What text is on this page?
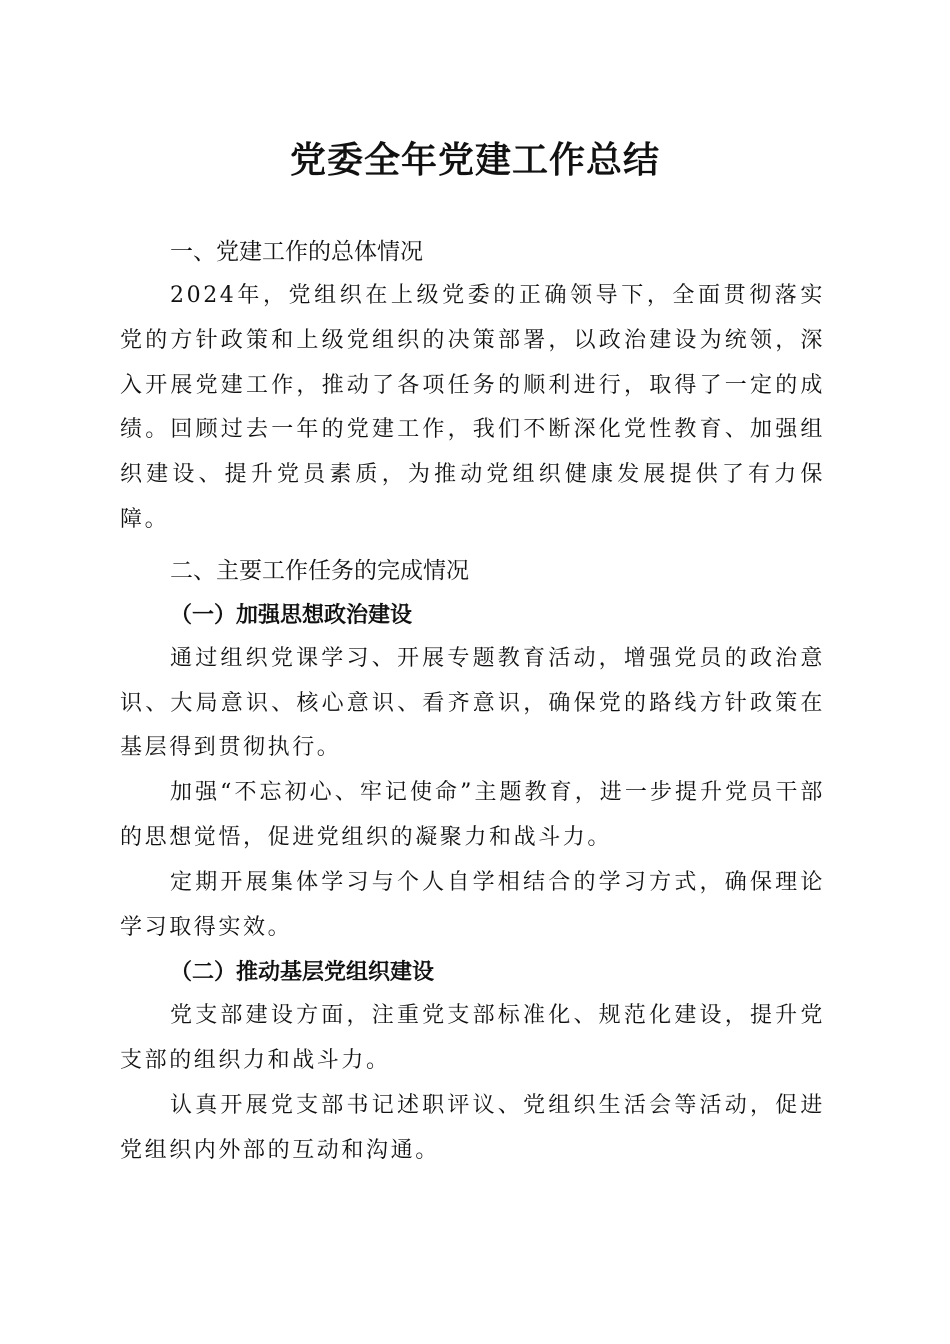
党委全年党建工作总结
一、党建工作的总体情况

2024年，党组织在上级党委的正确领导下，全面贯彻落实党的方针政策和上级党组织的决策部署，以政治建设为统领，深入开展党建工作，推动了各项任务的顺利进行，取得了一定的成绩。回顾过去一年的党建工作，我们不断深化党性教育、加强组织建设、提升党员素质，为推动党组织健康发展提供了有力保障。

二、主要工作任务的完成情况
（一）加强思想政治建设

通过组织党课学习、开展专题教育活动，增强党员的政治意识、大局意识、核心意识、看齐意识，确保党的路线方针政策在基层得到贯彻执行。

加强“不忘初心、牢记使命”主题教育，进一步提升党员干部的思想觉悟，促进党组织的凝聚力和战斗力。

定期开展集体学习与个人自学相结合的学习方式，确保理论学习取得实效。

（二）推动基层党组织建设

党支部建设方面，注重党支部标准化、规范化建设，提升党支部的组织力和战斗力。

认真开展党支部书记述职评议、党组织生活会等活动，促进党组织内外部的互动和沟通。
